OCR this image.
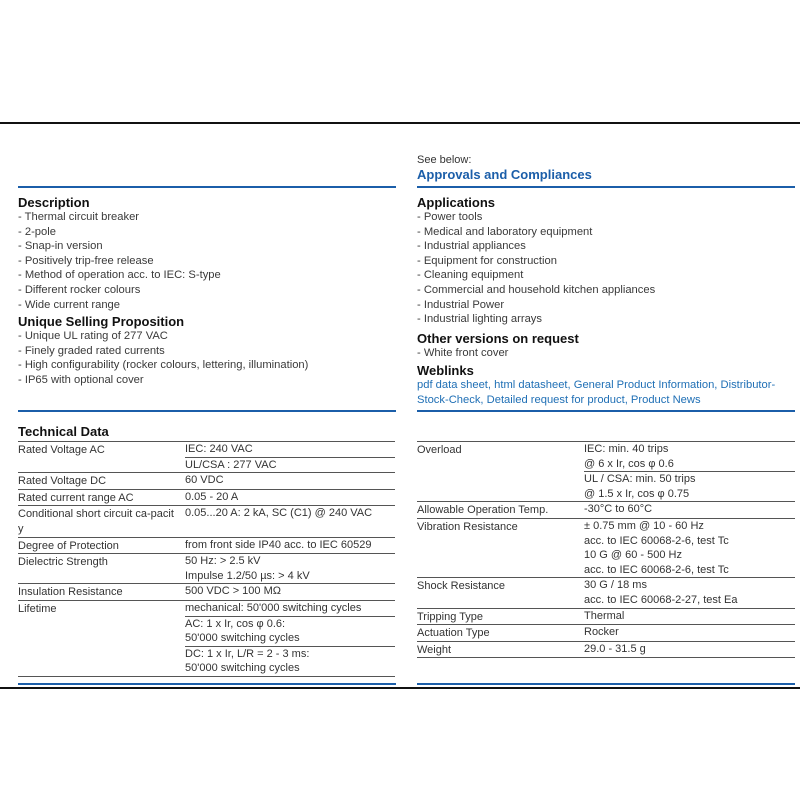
See below:
Approvals and Compliances
Description
- Thermal circuit breaker
- 2-pole
- Snap-in version
- Positively trip-free release
- Method of operation acc. to IEC: S-type
- Different rocker colours
- Wide current range
Unique Selling Proposition
- Unique UL rating of 277 VAC
- Finely graded rated currents
- High configurability (rocker colours, lettering, illumination)
- IP65 with optional cover
Applications
- Power tools
- Medical and laboratory equipment
- Industrial appliances
- Equipment for construction
- Cleaning equipment
- Commercial and household kitchen appliances
- Industrial Power
- Industrial lighting arrays
Other versions on request
- White front cover
Weblinks
pdf data sheet, html datasheet, General Product Information, Distributor-Stock-Check, Detailed request for product, Product News
Technical Data
Rated Voltage AC	IEC: 240 VAC
UL/CSA : 277 VAC

Rated Voltage DC	60 VDC

Rated current range AC	0.05 - 20 A

Conditional short circuit ca-pacity	0.05...20 A: 2 kA, SC (C1) @ 240 VAC

Degree of Protection	from front side IP40 acc. to IEC 60529

Dielectric Strength	50 Hz: > 2.5 kV
Impulse 1.2/50 µs: > 4 kV

Insulation Resistance	500 VDC > 100 MΩ

Lifetime	mechanical: 50'000 switching cycles
AC: 1 x Ir, cos φ 0.6:
50'000 switching cycles
DC: 1 x Ir, L/R = 2 - 3 ms:
50'000 switching cycles
Overload	IEC: min. 40 trips
@ 6 x Ir, cos φ 0.6
UL / CSA: min. 50 trips
@ 1.5 x Ir, cos φ 0.75

Allowable Operation Temp.	-30°C to 60°C

Vibration Resistance	± 0.75 mm @ 10 - 60 Hz
acc. to IEC 60068-2-6, test Tc
10 G @ 60 - 500 Hz
acc. to IEC 60068-2-6, test Tc

Shock Resistance	30 G / 18 ms
acc. to IEC 60068-2-27, test Ea

Tripping Type	Thermal

Actuation Type	Rocker

Weight	29.0 - 31.5 g
